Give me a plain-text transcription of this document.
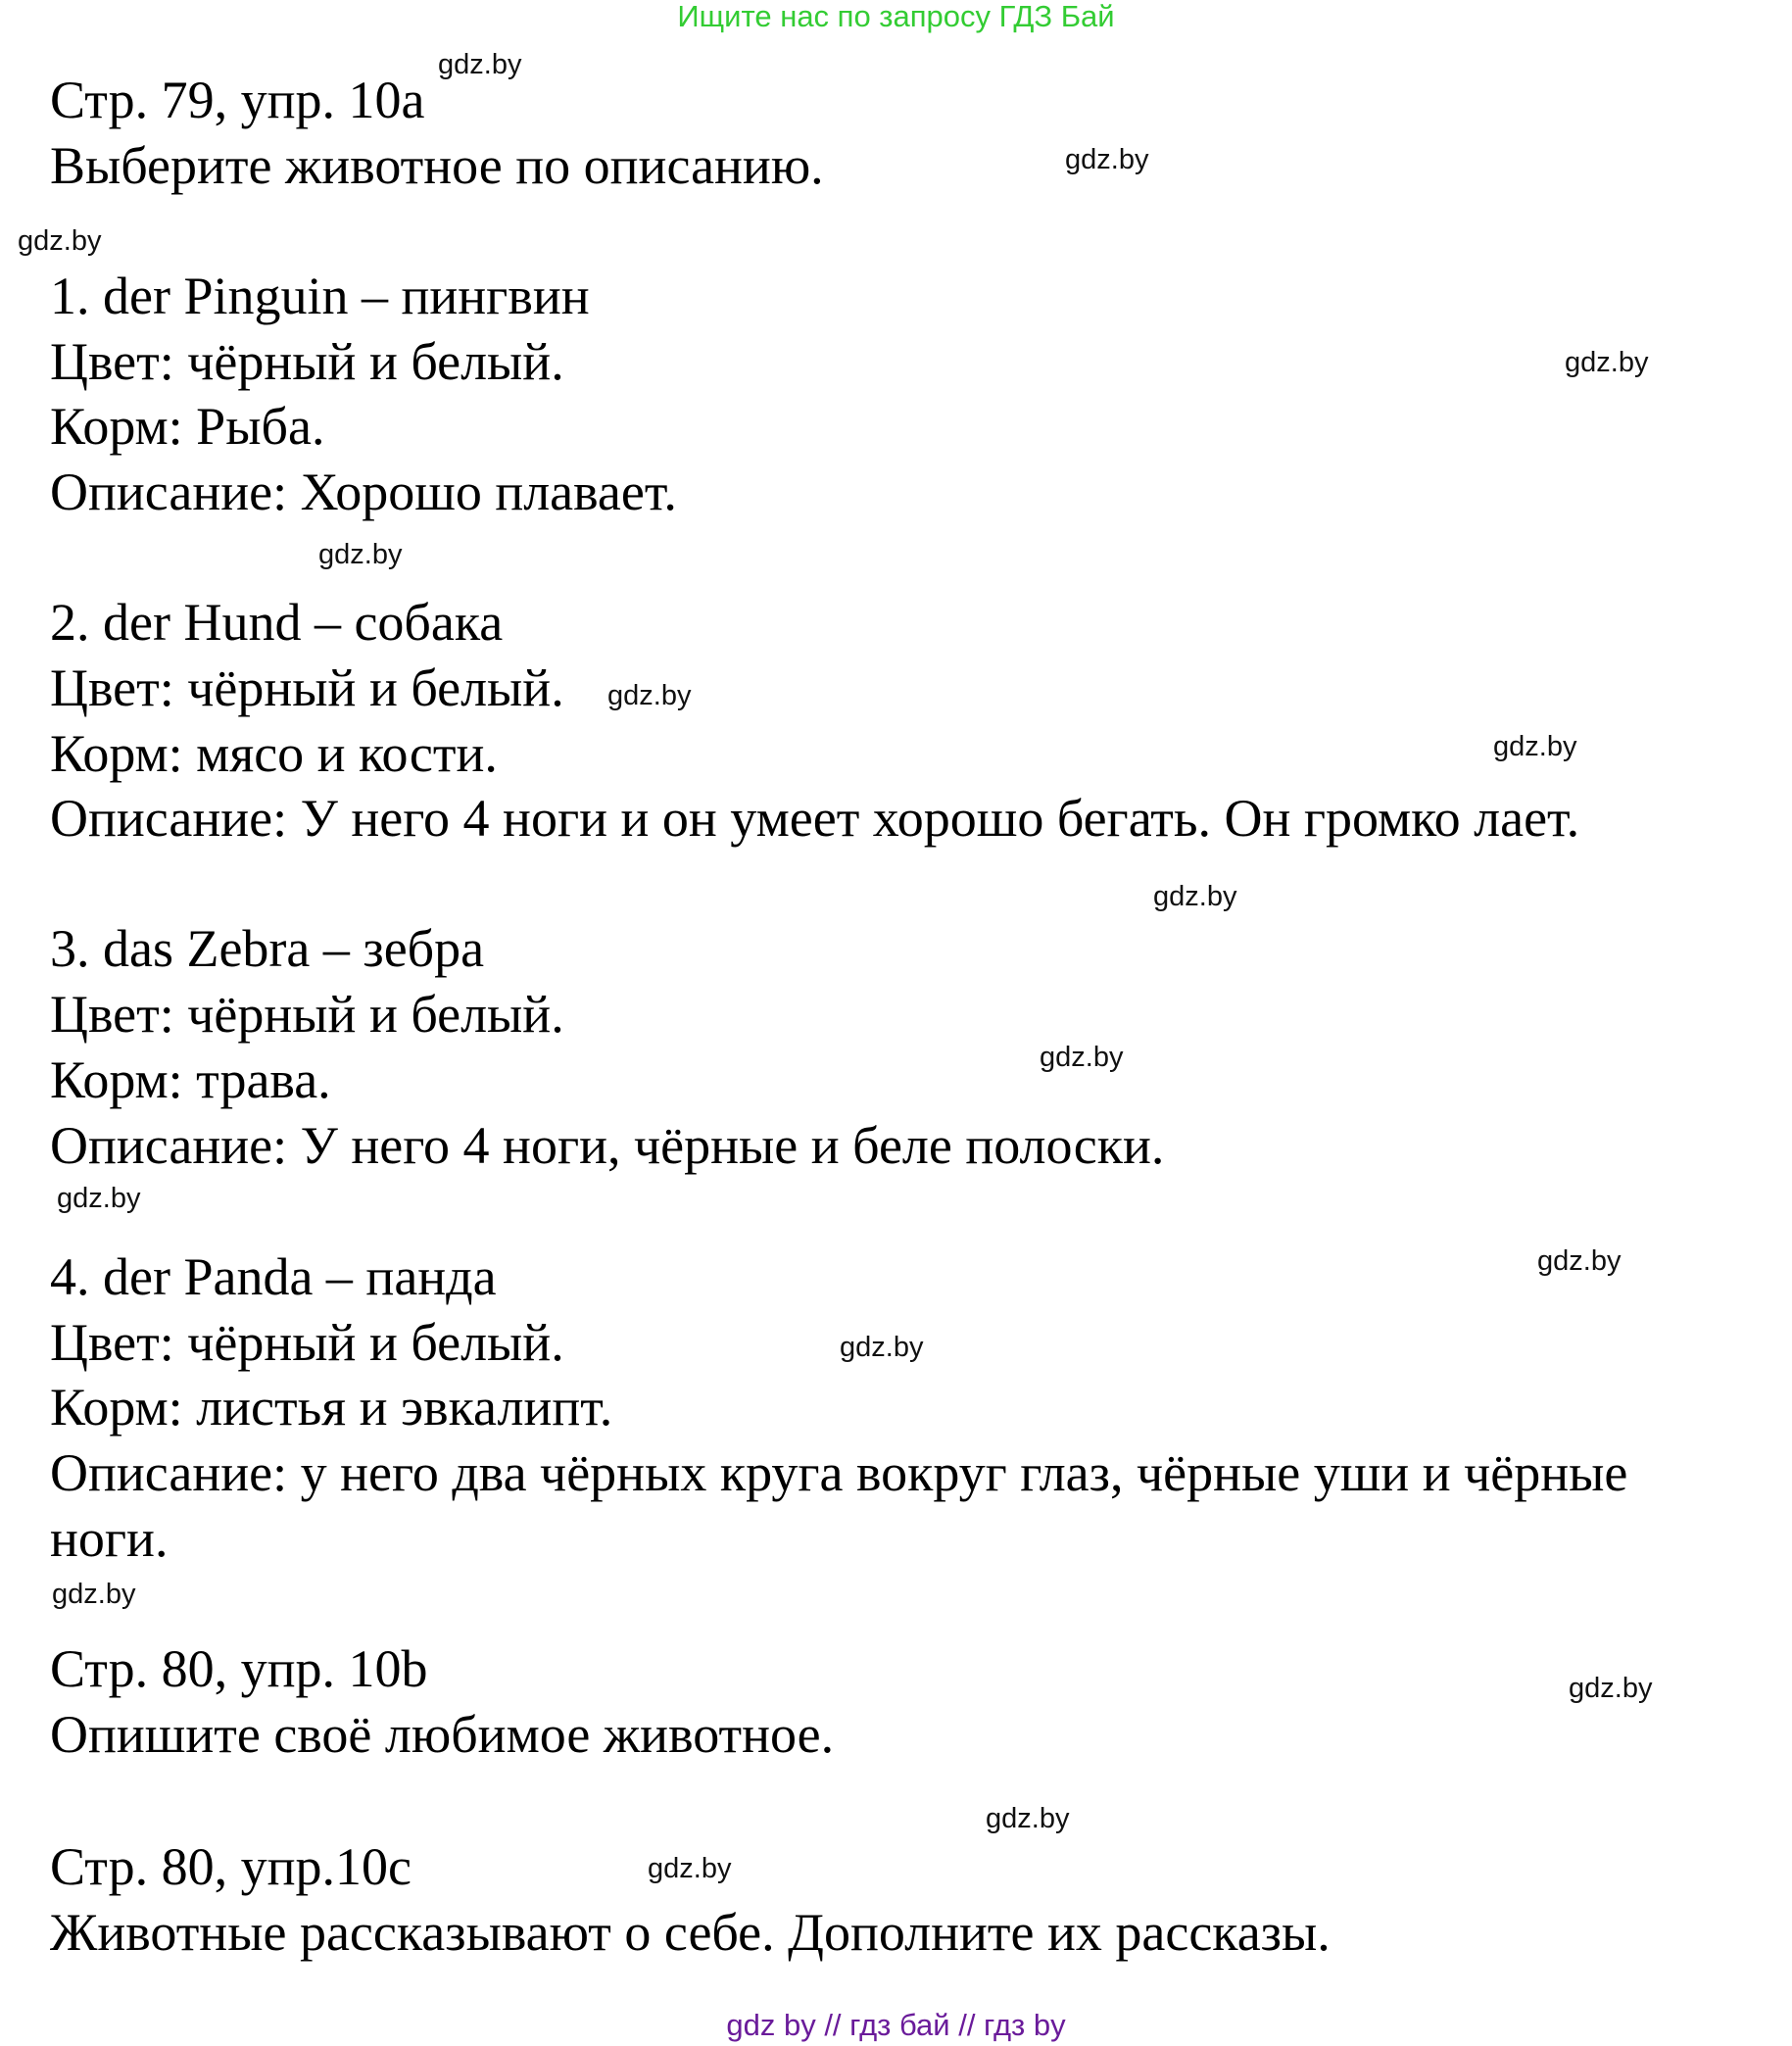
Ищите нас по запросу ГДЗ Бай
Стр. 79, упр. 10a
Выберите животное по описанию.
1. der Pinguin – пингвин
Цвет: чёрный и белый.
Корм: Рыба.
Описание: Хорошо плавает.
2. der Hund – собака
Цвет: чёрный и белый.
Корм: мясо и кости.
Описание: У него 4 ноги и он умеет хорошо бегать. Он громко лает.
3. das Zebra – зебра
Цвет: чёрный и белый.
Корм: трава.
Описание: У него 4 ноги, чёрные и беле полоски.
4. der Panda – панда
Цвет: чёрный и белый.
Корм: листья и эвкалипт.
Описание: у него два чёрных круга вокруг глаз, чёрные уши и чёрные
ноги.
Стр. 80, упр. 10b
Опишите своё любимое животное.
Стр. 80, упр.10c
Животные рассказывают о себе. Дополните их рассказы.
gdz.by
gdz.by
gdz.by
gdz.by
gdz.by
gdz.by
gdz.by
gdz.by
gdz.by
gdz.by
gdz.by
gdz.by
gdz.by
gdz.by
gdz.by
gdz.by
gdz by // гдз бай // гдз by
